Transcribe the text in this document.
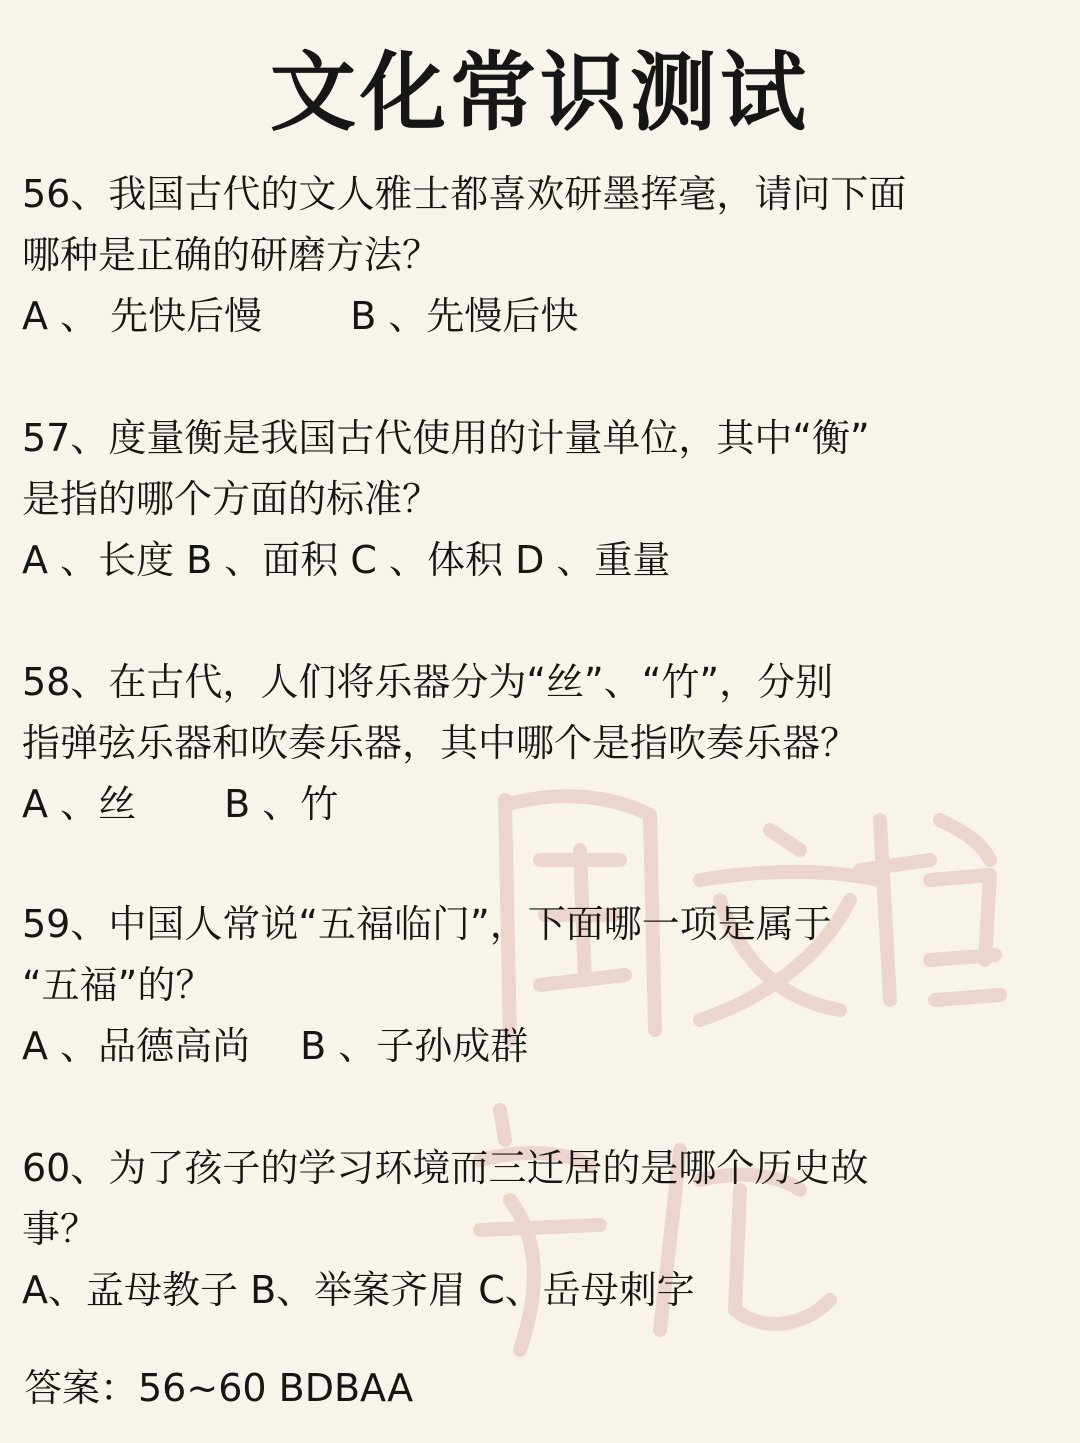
文化常识测试
56、我国古代的文人雅士都喜欢研墨挥毫，请问下面
哪种是正确的研磨方法？
A 、 先快后慢　　 B 、先慢后快
57、度量衡是我国古代使用的计量单位，其中“衡”
是指的哪个方面的标准？
A 、长度 B 、面积 C 、体积 D 、重量
58、在古代，人们将乐器分为“丝”、“竹”，分别
指弹弦乐器和吹奏乐器，其中哪个是指吹奏乐器？
A 、丝　　 B 、竹
59、中国人常说“五福临门”，下面哪一项是属于
“五福”的？
A 、品德高尚　 B 、子孙成群
60、为了孩子的学习环境而三迁居的是哪个历史故
事？
A、孟母教子 B、举案齐眉 C、岳母刺字
答案：56~60 BDBAA
